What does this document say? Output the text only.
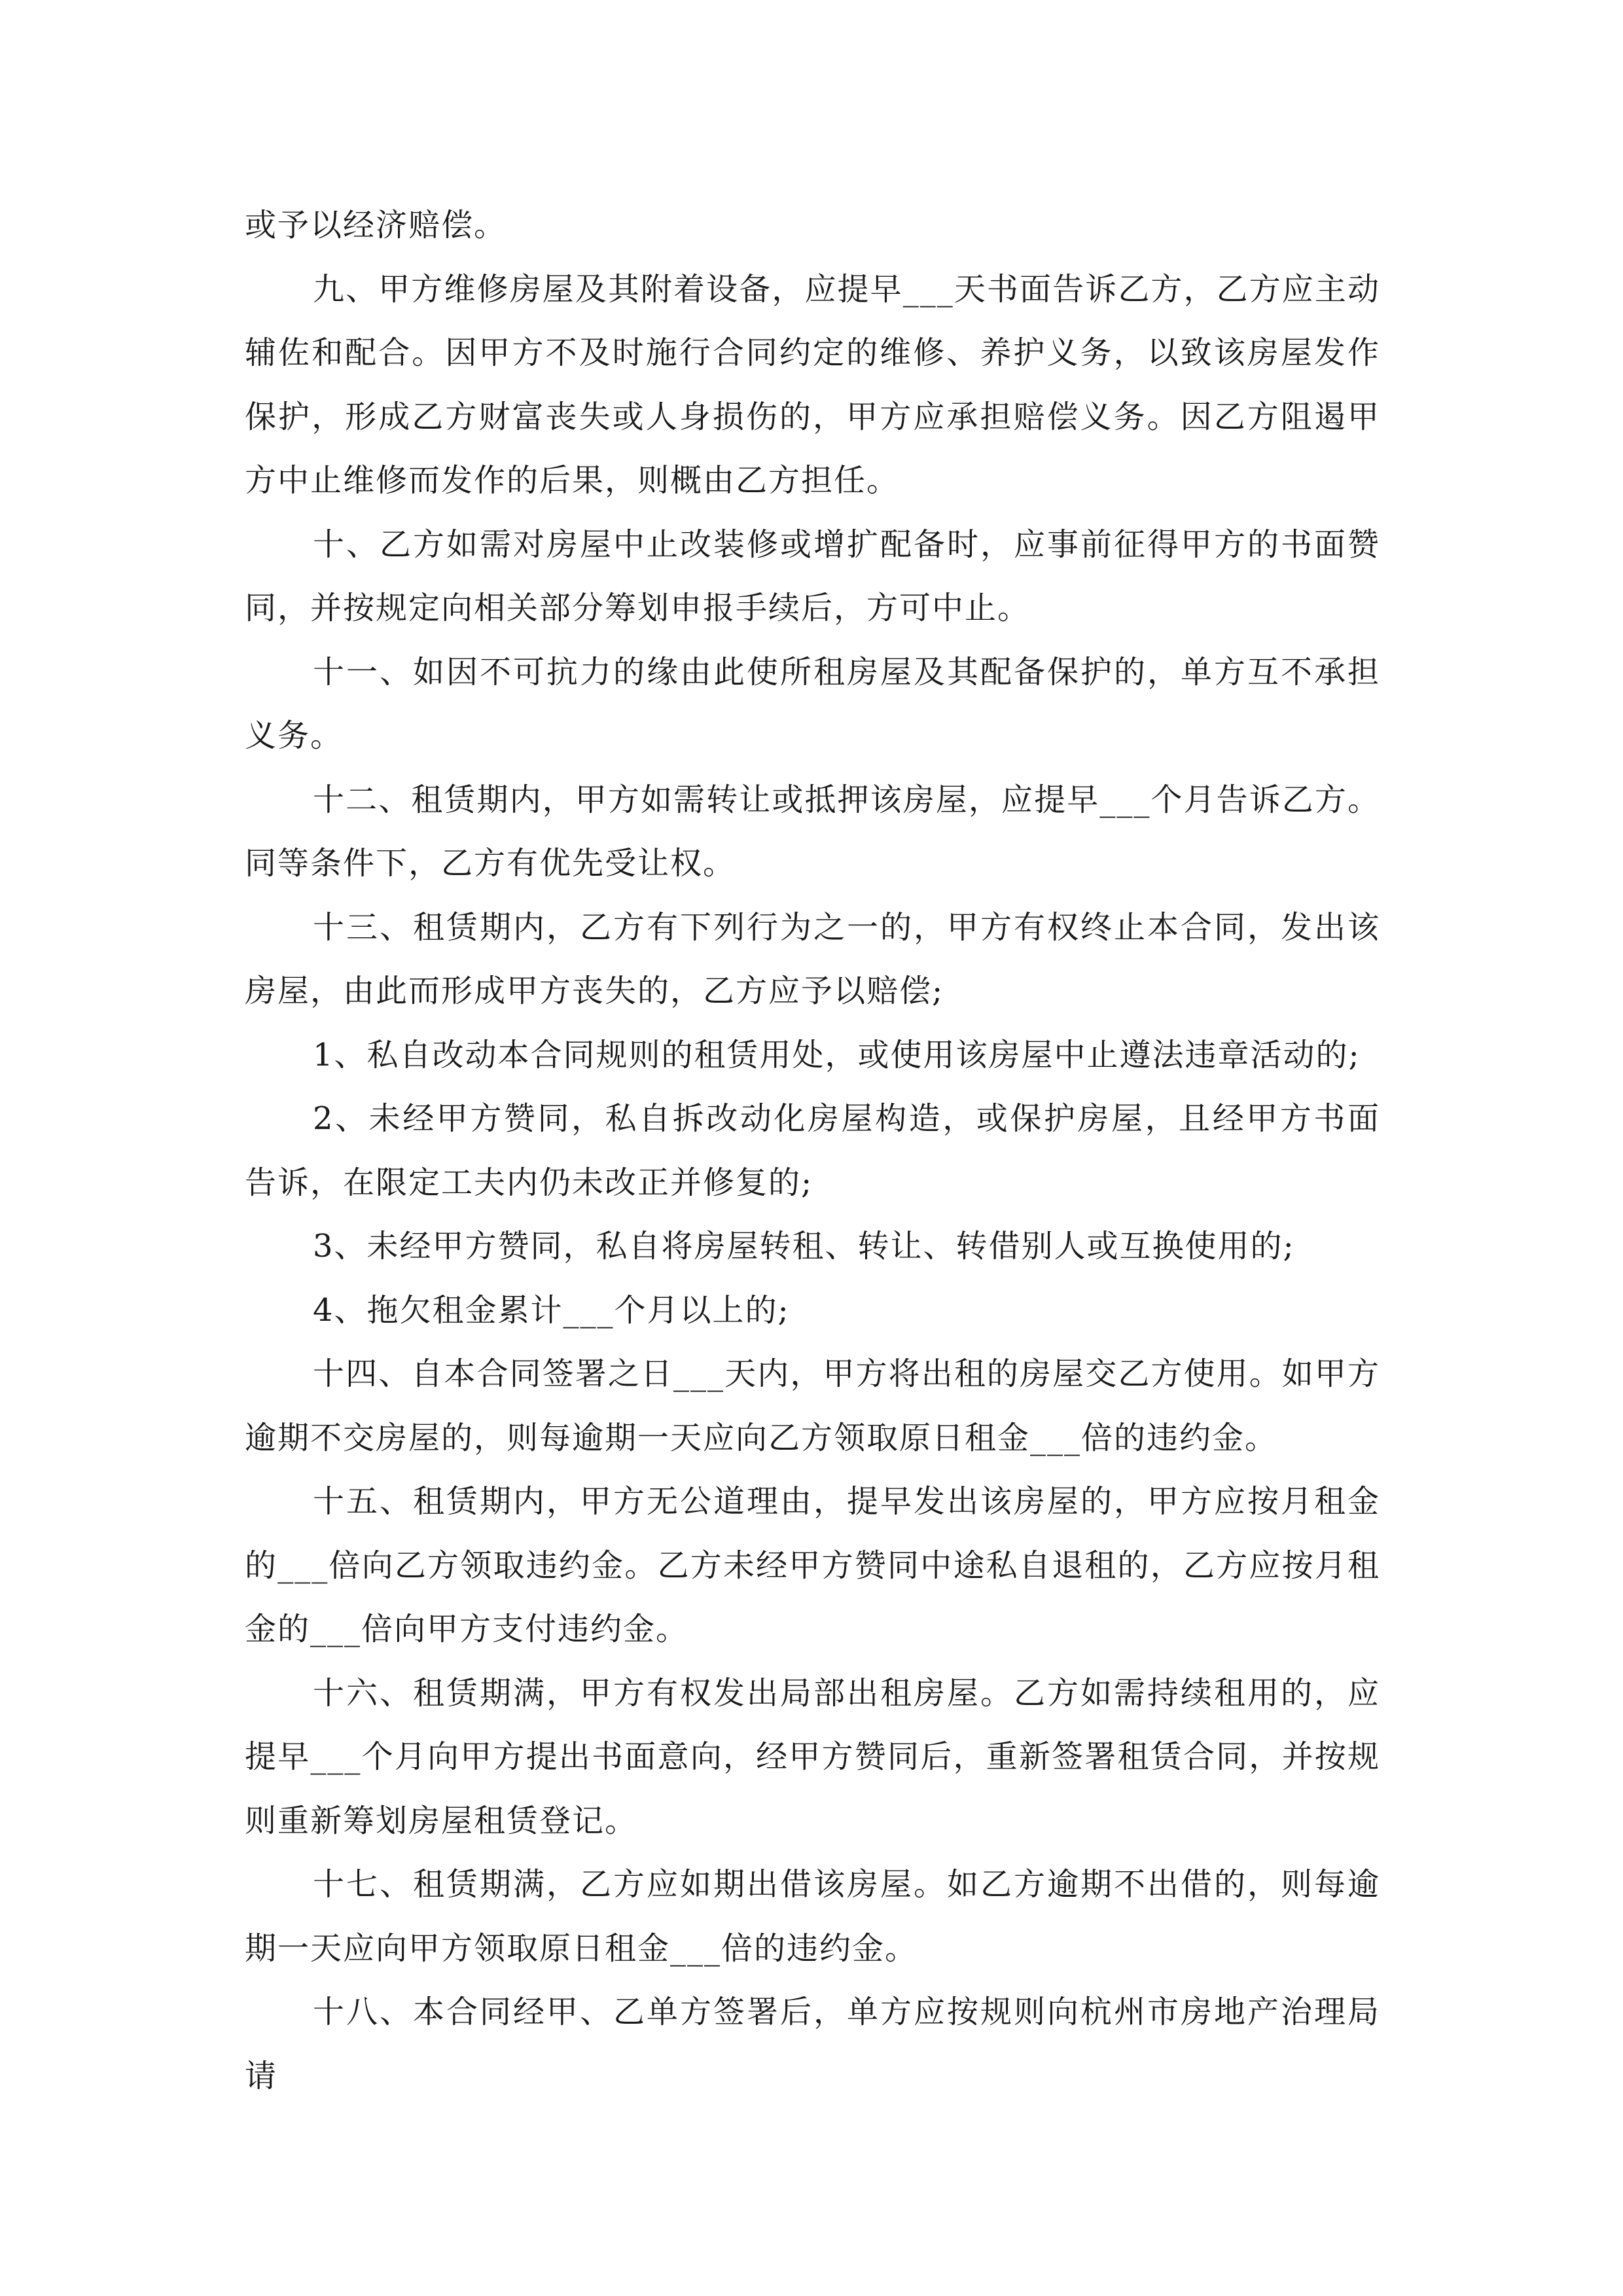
或予以经济赔偿。

九、甲方维修房屋及其附着设备，应提早___天书面告诉乙方，乙方应主动辅佐和配合。因甲方不及时施行合同约定的维修、养护义务，以致该房屋发作保护，形成乙方财富丧失或人身损伤的，甲方应承担赔偿义务。因乙方阻遏甲方中止维修而发作的后果，则概由乙方担任。

十、乙方如需对房屋中止改装修或增扩配备时，应事前征得甲方的书面赞同，并按规定向相关部分筹划申报手续后，方可中止。

十一、如因不可抗力的缘由此使所租房屋及其配备保护的，单方互不承担义务。

十二、租赁期内，甲方如需转让或抵押该房屋，应提早___个月告诉乙方。同等条件下，乙方有优先受让权。

十三、租赁期内，乙方有下列行为之一的，甲方有权终止本合同，发出该房屋，由此而形成甲方丧失的，乙方应予以赔偿;

1、私自改动本合同规则的租赁用处，或使用该房屋中止遵法违章活动的;

2、未经甲方赞同，私自拆改动化房屋构造，或保护房屋，且经甲方书面告诉，在限定工夫内仍未改正并修复的;

3、未经甲方赞同，私自将房屋转租、转让、转借别人或互换使用的;

4、拖欠租金累计___个月以上的;

十四、自本合同签署之日___天内，甲方将出租的房屋交乙方使用。如甲方逾期不交房屋的，则每逾期一天应向乙方领取原日租金___倍的违约金。

十五、租赁期内，甲方无公道理由，提早发出该房屋的，甲方应按月租金的___倍向乙方领取违约金。乙方未经甲方赞同中途私自退租的，乙方应按月租金的___倍向甲方支付违约金。

十六、租赁期满，甲方有权发出局部出租房屋。乙方如需持续租用的，应提早___个月向甲方提出书面意向，经甲方赞同后，重新签署租赁合同，并按规则重新筹划房屋租赁登记。

十七、租赁期满，乙方应如期出借该房屋。如乙方逾期不出借的，则每逾期一天应向甲方领取原日租金___倍的违约金。

十八、本合同经甲、乙单方签署后，单方应按规则向杭州市房地产治理局请
